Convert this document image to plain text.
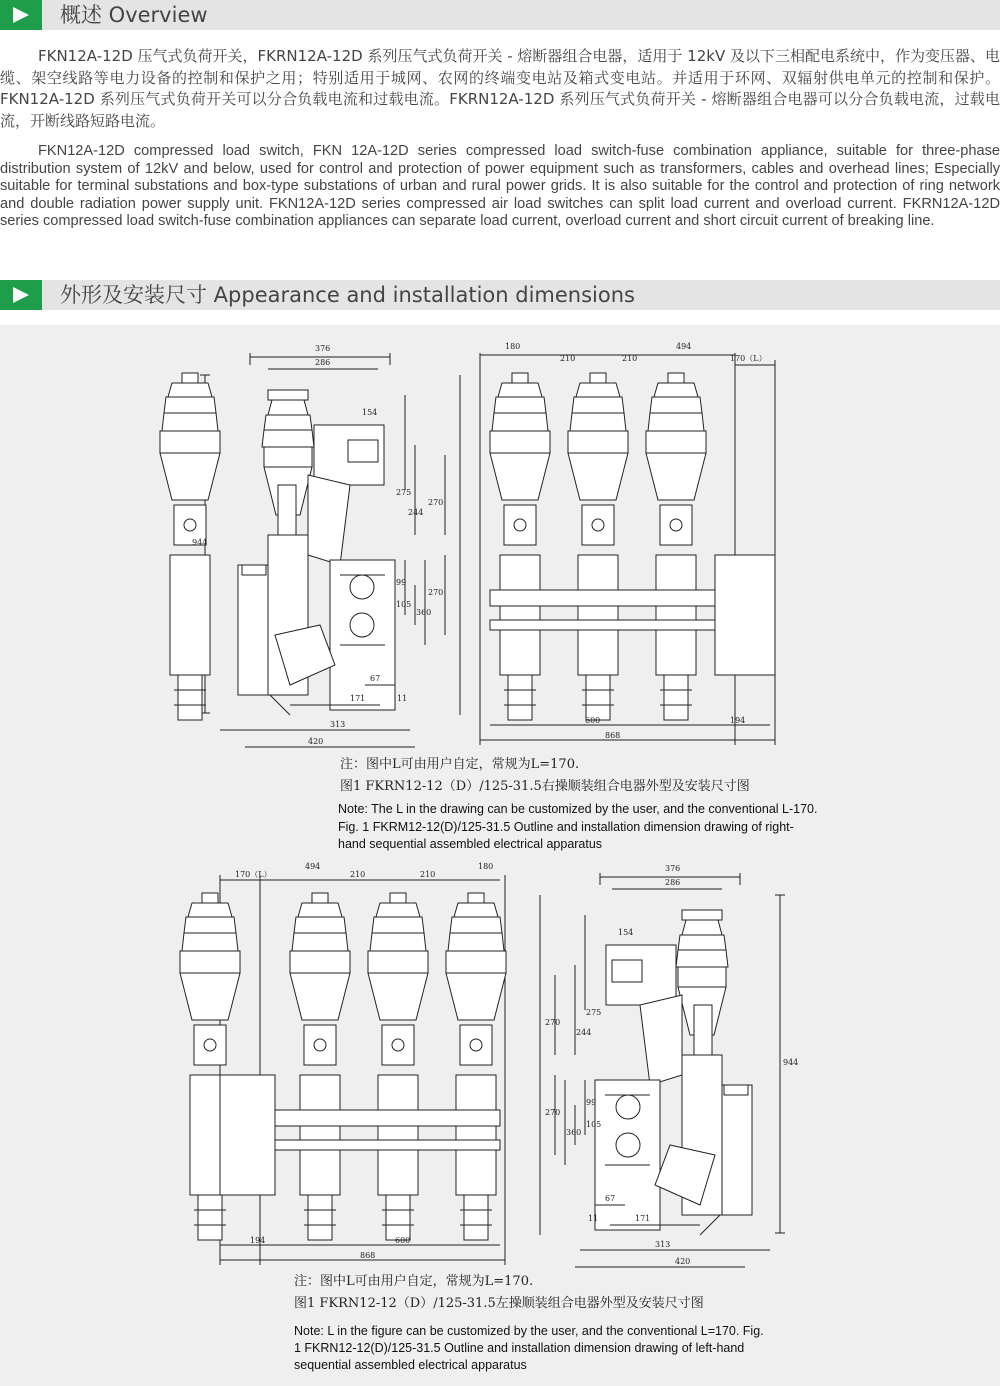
概述 Overview
FKN12A-12D 压气式负荷开关，FKRN12A-12D 系列压气式负荷开关 - 熔断器组合电器，适用于 12kV 及以下三相配电系统中，作为变压器、电缆、架空线路等电力设备的控制和保护之用；特别适用于城网、农网的终端变电站及箱式变电站。并适用于环网、双辐射供电单元的控制和保护。FKN12A-12D 系列压气式负荷开关可以分合负载电流和过载电流。FKRN12A-12D 系列压气式负荷开关 - 熔断器组合电器可以分合负载电流，过载电流，开断线路短路电流。
FKN12A-12D compressed load switch, FKN 12A-12D series compressed load switch-fuse combination appliance, suitable for three-phase distribution system of 12kV and below, used for control and protection of power equipment such as transformers, cables and overhead lines; Especially suitable for terminal substations and box-type substations of urban and rural power grids. It is also suitable for the control and protection of ring network and double radiation power supply unit. FKN12A-12D series compressed air load switches can split load current and overload current. FKRN12A-12D series compressed load switch-fuse combination appliances can separate load current, overload current and short circuit current of breaking line.
外形及安装尺寸 Appearance and installation dimensions
376
286
154
275
244
944
99
105
360
171
67
11
313
420
180
210	210
494
170（L）
270
270
600
868
194
注：图中L可由用户自定，常规为L=170.
图1 FKRN12-12（D）/125-31.5右操顺装组合电器外型及安装尺寸图
Note: The L in the drawing can be customized by the user, and the conventional L-170.
Fig. 1 FKRM12-12(D)/125-31.5 Outline and installation dimension drawing of right-hand sequential assembled electrical apparatus
494
170（L）	210	210
180
270
270
600
868
194
376
286
154
275
244
944
99
105
360
171
67
11
313
420
注：图中L可由用户自定，常规为L=170.
图1 FKRN12-12（D）/125-31.5左操顺装组合电器外型及安装尺寸图
Note: L in the figure can be customized by the user, and the conventional L=170. Fig. 1 FKRN12-12(D)/125-31.5 Outline and installation dimension drawing of left-hand sequential assembled electrical apparatus
